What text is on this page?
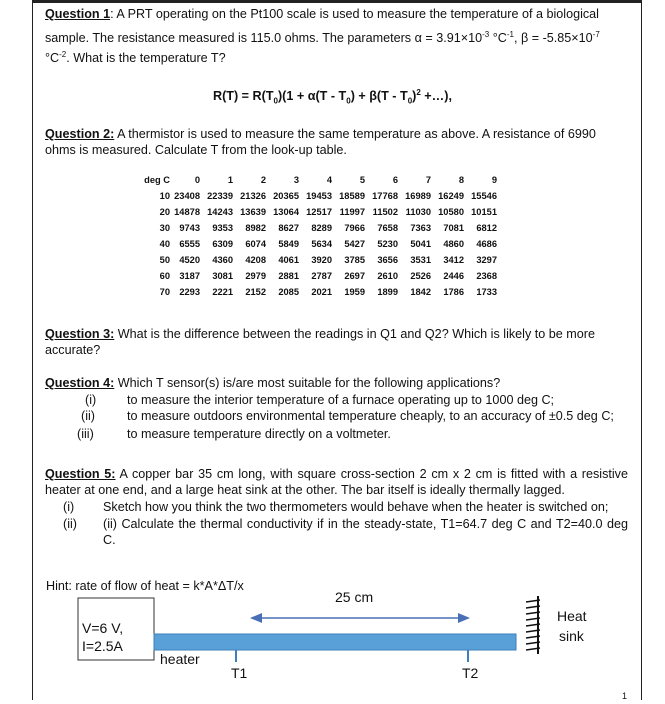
Question 1: A PRT operating on the Pt100 scale is used to measure the temperature of a biological
sample. The resistance measured is 115.0 ohms. The parameters $\alpha = 3.91\times 10^{-3}$ $^\circ C^{-1}$, $\beta = -5.85\times 10^{-7}$
$^\circ C^{-2}$. What is the temperature T?
$R(T) = R(T_0)(1 + \alpha(T - T_0) + \beta(T - T_0)^2$ +…),
Question 2: A thermistor is used to measure the same temperature as above. A resistance of 6990 ohms is measured. Calculate T from the look-up table.
deg C	0	1	2	3	4	5	6	7	8	9
10	23408	22339	21326	20365	19453	18589	17768	16989	16249	15546
20	14878	14243	13639	13064	12517	11997	11502	11030	10580	10151
30	9743	9353	8982	8627	8289	7966	7658	7363	7081	6812
40	6555	6309	6074	5849	5634	5427	5230	5041	4860	4686
50	4520	4360	4208	4061	3920	3785	3656	3531	3412	3297
60	3187	3081	2979	2881	2787	2697	2610	2526	2446	2368
70	2293	2221	2152	2085	2021	1959	1899	1842	1786	1733
Question 3: What is the difference between the readings in Q1 and Q2? Which is likely to be more accurate?
Question 4: Which T sensor(s) is/are most suitable for the following applications?
(i) to measure the interior temperature of a furnace operating up to 1000 deg C;
(ii)	to measure outdoors environmental temperature cheaply, to an accuracy of ±0.5 deg C;
(iii)	to measure temperature directly on a voltmeter.
Question 5: A copper bar 35 cm long, with square cross-section 2 cm x 2 cm is fitted with a resistive heater at one end, and a large heat sink at the other. The bar itself is ideally thermally lagged.
(i) Sketch how you think the two thermometers would behave when the heater is switched on;
(ii) (ii) Calculate the thermal conductivity if in the steady-state, T1=64.7 deg C and T2=40.0 deg C.
Hint: rate of flow of heat = k*A*ΔT/x
25 cm
V=6 V,
I=2.5A
heater
T1	T2
Heat
sink
1
